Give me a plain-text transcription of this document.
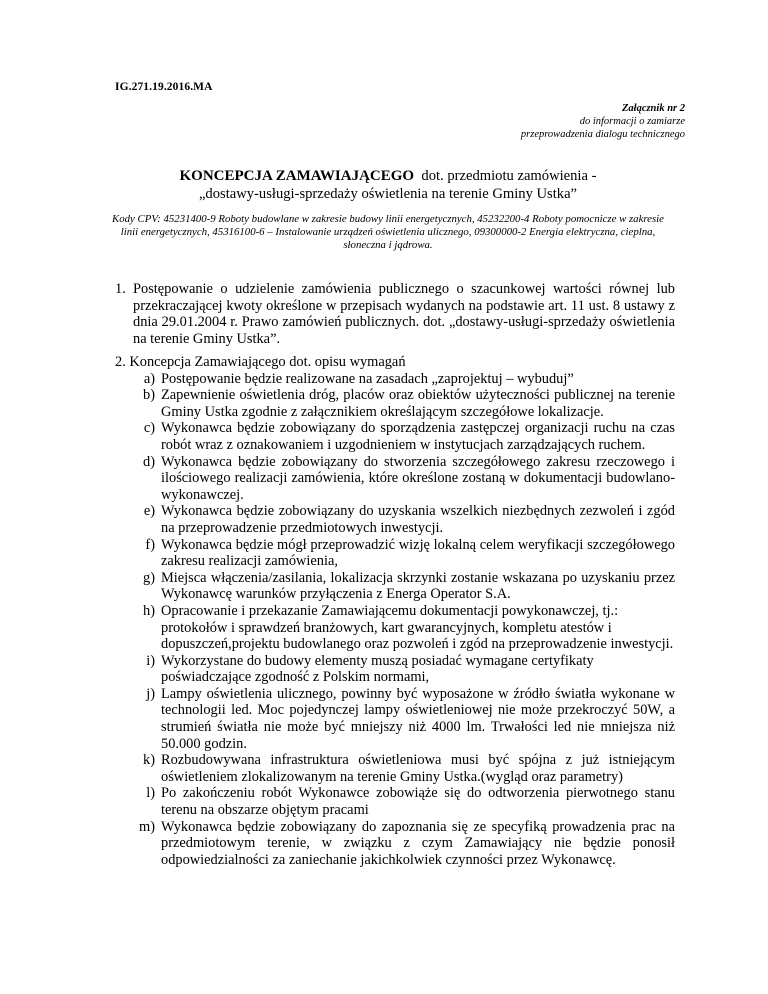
IG.271.19.2016.MA
Załącznik nr 2
do informacji o zamiarze
przeprowadzenia dialogu technicznego
KONCEPCJA ZAMAWIAJĄCEGO dot. przedmiotu zamówienia -
„dostawy-usługi-sprzedaży oświetlenia na terenie Gminy Ustka”
Kody CPV: 45231400-9 Roboty budowlane w zakresie budowy linii energetycznych, 45232200-4 Roboty pomocnicze w zakresie linii energetycznych, 45316100-6 – Instalowanie urządzeń oświetlenia ulicznego, 09300000-2 Energia elektryczna, cieplna, słoneczna i jądrowa.
1. Postępowanie o udzielenie zamówienia publicznego o szacunkowej wartości równej lub przekraczającej kwoty określone w przepisach wydanych na podstawie art. 11 ust. 8 ustawy z dnia 29.01.2004 r. Prawo zamówień publicznych. dot. „dostawy-usługi-sprzedaży oświetlenia na terenie Gminy Ustka”.
2. Koncepcja Zamawiającego dot. opisu wymagań
a) Postępowanie będzie realizowane na zasadach „zaprojektuj – wybuduj”
b) Zapewnienie oświetlenia dróg, placów oraz obiektów użyteczności publicznej na terenie Gminy Ustka zgodnie z załącznikiem określającym szczegółowe lokalizacje.
c) Wykonawca będzie zobowiązany do sporządzenia zastępczej organizacji ruchu na czas robót wraz z oznakowaniem i uzgodnieniem w instytucjach zarządzających ruchem.
d) Wykonawca będzie zobowiązany do stworzenia szczegółowego zakresu rzeczowego i ilościowego realizacji zamówienia, które określone zostaną w dokumentacji budowlano- wykonawczej.
e) Wykonawca będzie zobowiązany do uzyskania wszelkich niezbędnych zezwoleń i zgód na przeprowadzenie przedmiotowych inwestycji.
f) Wykonawca będzie mógł przeprowadzić wizję lokalną celem weryfikacji szczegółowego zakresu realizacji zamówienia,
g) Miejsca włączenia/zasilania, lokalizacja skrzynki zostanie wskazana po uzyskaniu przez Wykonawcę warunków przyłączenia z Energa Operator S.A.
h) Opracowanie i przekazanie Zamawiającemu dokumentacji powykonawczej, tj.: protokołów i sprawdzeń branżowych, kart gwarancyjnych, kompletu atestów i dopuszczeń,projektu budowlanego oraz pozwoleń i zgód na przeprowadzenie inwestycji.
i) Wykorzystane do budowy elementy muszą posiadać wymagane certyfikaty poświadczające zgodność z Polskim normami,
j) Lampy oświetlenia ulicznego, powinny być wyposażone w źródło światła wykonane w technologii led. Moc pojedynczej lampy oświetleniowej nie może przekroczyć 50W, a strumień światła nie może być mniejszy niż 4000 lm. Trwałości led nie mniejsza niż 50.000 godzin.
k) Rozbudowywana infrastruktura oświetleniowa musi być spójna z już istniejącym oświetleniem zlokalizowanym na terenie Gminy Ustka.(wygląd oraz parametry)
l) Po zakończeniu robót Wykonawce zobowiąże się do odtworzenia pierwotnego stanu terenu na obszarze objętym pracami
m) Wykonawca będzie zobowiązany do zapoznania się ze specyfiką prowadzenia prac na przedmiotowym terenie, w związku z czym Zamawiający nie będzie ponosił odpowiedzialności za zaniechanie jakichkolwiek czynności przez Wykonawcę.
